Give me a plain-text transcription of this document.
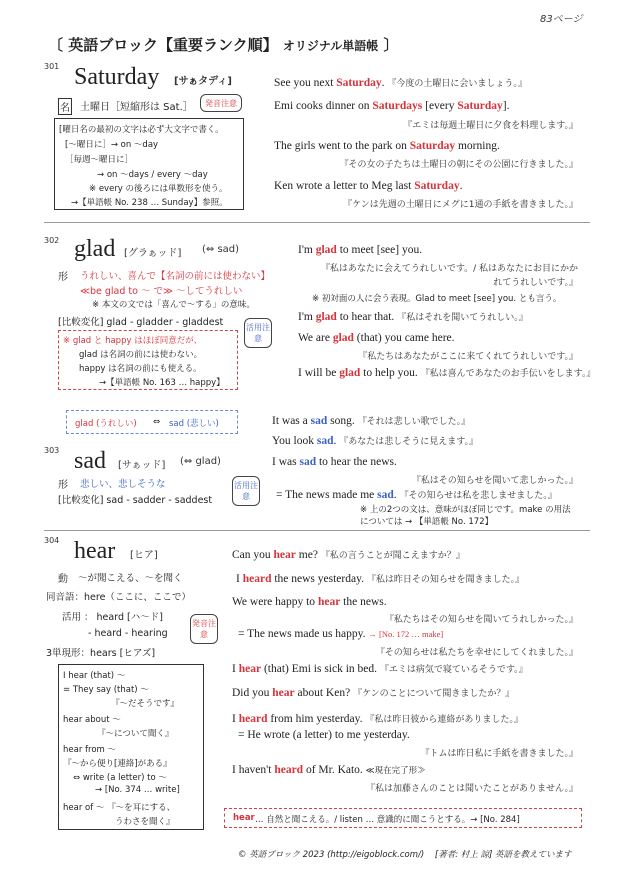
83ページ
〔 英語ブロック【重要ランク順】 オリジナル単語帳 〕
301 Saturday [サぁタディ]
名 土曜日［短縮形は Sat.］	発音注意
[曜日名の最初の文字は必ず大文字で書く。
[～曜日に］→ on ～day
［毎週～曜日に］
→ on ～days / every ～day
※ every の後ろには単数形を使う。
→【単語帳 No. 238 … Sunday】参照。
See you next Saturday. 『今度の土曜日に会いましょう。』
Emi cooks dinner on Saturdays [every Saturday].
『エミは毎週土曜日に夕食を料理します。』
The girls went to the park on Saturday morning.
『その女の子たちは土曜日の朝にその公園に行きました。』
Ken wrote a letter to Meg last Saturday.
『ケンは先週の土曜日にメグに1通の手紙を書きました。』
302 glad [グラぁッド] (⇔ sad)
形 うれしい、喜んで【名詞の前には使わない】
≪be glad to ～ で≫ ～してうれしい
※ 本文の文では「喜んで～する」の意味。
[比較変化] glad - gladder - gladdest	活用注意
※ glad と happy はほぼ同意だが、
glad は名詞の前には使わない。
happy は名詞の前にも使える。
→【単語帳 No. 163 … happy】
I'm glad to meet [see] you.
『私はあなたに会えてうれしいです。/ 私はあなたにお目にかかれてうれしいです。』
※ 初対面の人に会う表現。Glad to meet [see] you. とも言う。
I'm glad to hear that. 『私はそれを聞いてうれしい。』
We are glad (that) you came here.
『私たちはあなたがここに来てくれてうれしいです。』
I will be glad to help you. 『私は喜んであなたのお手伝いをします。』
glad (うれしい) ⇔ sad (悲しい)	It was a sad song. 『それは悲しい歌でした。』
You look sad. 『あなたは悲しそうに見えます。』
303 sad [サぁッド] (⇔ glad)
形 悲しい、悲しそうな
[比較変化] sad - sadder - saddest
活用注意
I was sad to hear the news.
『私はその知らせを聞いて悲しかった。』
= The news made me sad. 『その知らせは私を悲しませました。』
※ 上の2つの文は、意味がほぼ同じです。make の用法については → 【単語帳 No. 172】
304 hear [ヒア]
動 ～が聞こえる、～を聞く
同音語：here（ここに、ここで）
活用 ： heard [ハ～ド]
- heard - hearing
3単現形：hears [ヒアズ]
発音注意
I hear (that) ～
= They say (that) ～
『～だそうです』
hear about ～
『～について聞く』
hear from ～
『～から便り[連絡]がある』
⇔ write (a letter) to ～
→ [No. 374 … write]
hear of ～ 『～を耳にする、
うわさを聞く』
Can you hear me? 『私の言うことが聞こえますか？』
I heard the news yesterday. 『私は昨日その知らせを聞きました。』
We were happy to hear the news.
『私たちはその知らせを聞いてうれしかった。』
= The news made us happy. → [No. 172 … make]
『その知らせは私たちを幸せにしてくれました。』
I hear (that) Emi is sick in bed. 『エミは病気で寝ているそうです。』
Did you hear about Ken? 『ケンのことについて聞きましたか？』
I heard from him yesterday. 『私は昨日彼から連絡がありました。』
= He wrote (a letter) to me yesterday.
『トムは昨日私に手紙を書きました。』
I haven't heard of Mr. Kato. ≪現在完了形≫
『私は加藤さんのことは聞いたことがありません。』
hear … 自然と聞こえる。/ listen … 意識的に聞こうとする。→ [No. 284]
© 英語ブロック 2023 (http://eigoblock.com/) [著者: 村上 諒] 英語を教えています
